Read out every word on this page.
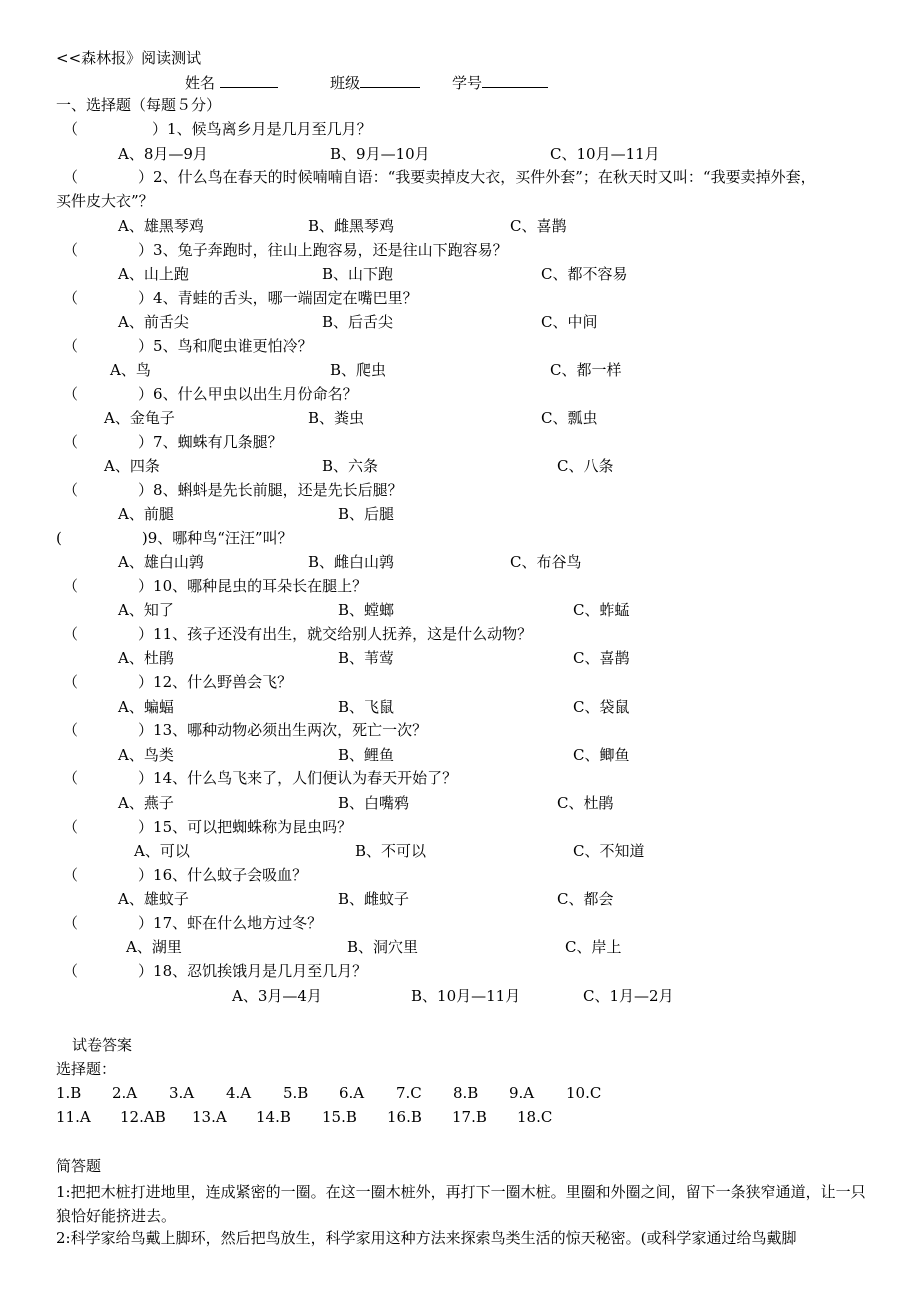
<<森林报》阅读测试
姓名	班级	学号
一、选择题（每题５分）
（	）1、候鸟离乡月是几月至几月？
A、8月—9月	B、9月—10月	C、10月—11月
（	）2、什么鸟在春天的时候喃喃自语：“我要卖掉皮大衣，买件外套”；在秋天时又叫：“我要卖掉外套，
买件皮大衣”？
A、雄黑琴鸡	B、雌黑琴鸡	C、喜鹊
（	）3、兔子奔跑时，往山上跑容易，还是往山下跑容易？
A、山上跑	B、山下跑	C、都不容易
（	）4、青蛙的舌头，哪一端固定在嘴巴里？
A、前舌尖	B、后舌尖	C、中间
（	）5、鸟和爬虫谁更怕冷？
A、鸟	B、爬虫	C、都一样
（	）6、什么甲虫以出生月份命名？
A、金龟子	B、粪虫	C、瓢虫
（	）7、蜘蛛有几条腿？
A、四条	B、六条	C、八条
（	）8、蝌蚪是先长前腿，还是先长后腿？
A、前腿	B、后腿
(	)9、哪种鸟“汪汪”叫？
A、雄白山鹑	B、雌白山鹑	C、布谷鸟
（	）10、哪种昆虫的耳朵长在腿上？
A、知了	B、螳螂	C、蚱蜢
（	）11、孩子还没有出生，就交给别人抚养，这是什么动物？
A、杜鹃	B、苇莺	C、喜鹊
（	）12、什么野兽会飞？
A、蝙蝠	B、飞鼠	C、袋鼠
（	）13、哪种动物必须出生两次，死亡一次？
A、鸟类	B、鲤鱼	C、鲫鱼
（	）14、什么鸟飞来了，人们便认为春天开始了？
A、燕子	B、白嘴鸦	C、杜鹃
（	）15、可以把蜘蛛称为昆虫吗？
A、可以	B、不可以	C、不知道
（	）16、什么蚊子会吸血？
A、雄蚊子	B、雌蚊子	C、都会
（	）17、虾在什么地方过冬？
A、湖里	B、洞穴里	C、岸上
（	）18、忍饥挨饿月是几月至几月？
A、3月—4月	B、10月—11月	C、1月—2月
试卷答案
选择题：
1.B 2.A 3.A 4.A 5.B 6.A 7.C 8.B 9.A 10.C
11.A 12.AB 13.A 14.B 15.B 16.B 17.B 18.C
简答题
1:把把木桩打进地里，连成紧密的一圈。在这一圈木桩外，再打下一圈木桩。里圈和外圈之间，留下一条狭窄通道，让一只狼恰好能挤进去。
2:科学家给鸟戴上脚环，然后把鸟放生，科学家用这种方法来探索鸟类生活的惊天秘密。(或科学家通过给鸟戴脚
